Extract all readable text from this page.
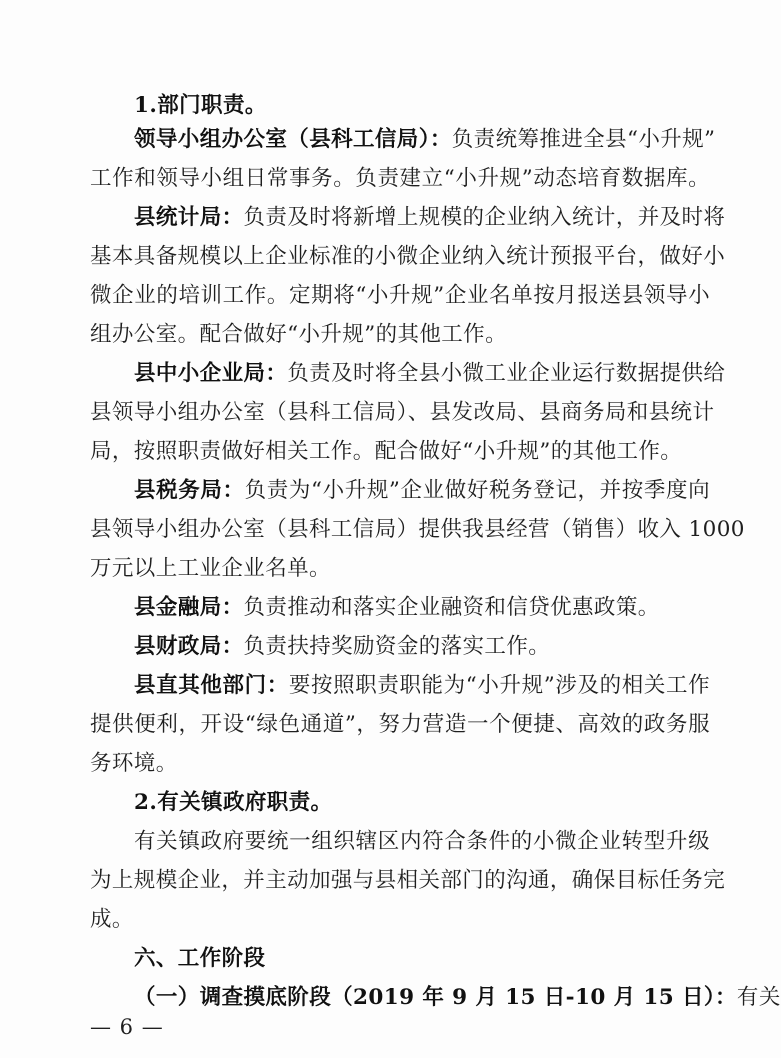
1.部门职责。
领导小组办公室（县科工信局）：负责统筹推进全县“小升规”
工作和领导小组日常事务。负责建立“小升规”动态培育数据库。
县统计局：负责及时将新增上规模的企业纳入统计，并及时将
基本具备规模以上企业标准的小微企业纳入统计预报平台，做好小
微企业的培训工作。定期将“小升规”企业名单按月报送县领导小
组办公室。配合做好“小升规”的其他工作。
县中小企业局：负责及时将全县小微工业企业运行数据提供给
县领导小组办公室（县科工信局）、县发改局、县商务局和县统计
局，按照职责做好相关工作。配合做好“小升规”的其他工作。
县税务局：负责为“小升规”企业做好税务登记，并按季度向
县领导小组办公室（县科工信局）提供我县经营（销售）收入 1000
万元以上工业企业名单。
县金融局：负责推动和落实企业融资和信贷优惠政策。
县财政局：负责扶持奖励资金的落实工作。
县直其他部门：要按照职责职能为“小升规”涉及的相关工作
提供便利，开设“绿色通道”，努力营造一个便捷、高效的政务服
务环境。
2.有关镇政府职责。
有关镇政府要统一组织辖区内符合条件的小微企业转型升级
为上规模企业，并主动加强与县相关部门的沟通，确保目标任务完
成。
六、工作阶段
（一）调查摸底阶段（2019 年 9 月 15 日-10 月 15 日）：有关
— 6 —
